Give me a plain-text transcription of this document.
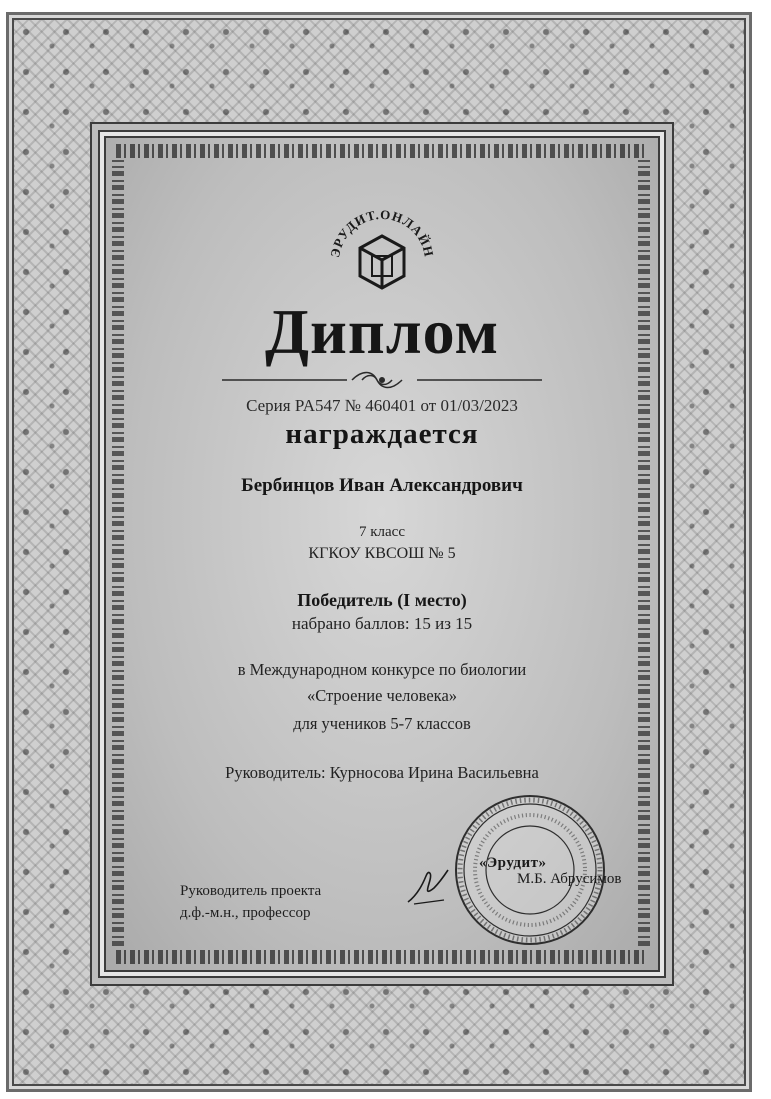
ЭРУДИТ.ОНЛАЙН
Диплом
Серия PA547 № 460401 от 01/03/2023
награждается
Бербинцов Иван Александрович
7 класс
КГКОУ КВСОШ № 5
Победитель (I место)
набрано баллов: 15 из 15
в Международном конкурсе по биологии
«Строение человека»
для учеников 5-7 классов
Руководитель: Курносова Ирина Васильевна
Руководитель проекта
д.ф.-м.н., профессор
«Эрудит»
М.Б. Абрусимов
